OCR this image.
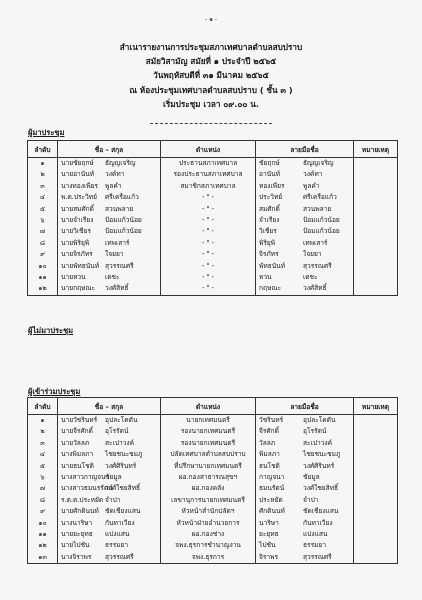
- ๑ -
สำเนารายงานการประชุมสภาเทศบาลตำบลสบปราบ
สมัยวิสามัญ สมัยที่ ๑ ประจำปี ๒๕๖๕
วันพฤหัสบดีที่ ๓๑ มีนาคม ๒๕๖๕
ณ ห้องประชุมเทศบาลตำบลสบปราบ ( ชั้น ๓ )
เริ่มประชุม เวลา ๐๙.๐๐ น.
ผู้มาประชุม
ลำดับ	ชื่อ – สกุล	ตำแหน่ง	ลายมือชื่อ	หมายเหตุ
๑	นายชัยฤกษ์ ธัญญเจริญ	ประธานสภาเทศบาล	ชัยฤกษ์ ธัญญเจริญ	
๒	นายอานันท์ วงค์ทา	รองประธานสภาเทศบาล	อานันท์ วงค์ทา	
๓	นางทองเพียร พูลคำ	สมาชิกสภาเทศบาล	ทองเพียร พูลคำ	
๔	พ.ต.ประวิทย์ ศรีเครือแก้ว	- " -	ประวิทย์ ศรีเครือแก้ว	
๕	นายสมศักดิ์ สวนพลาย	- " -	สมศักดิ์ สวนพลาย	
๖	นายจำเรียง ป้อมแก้วน้อย	- " -	จำเรียง ป้อมแก้วน้อย	
๗	นายวิเชียร ป้อมแก้วน้อย	- " -	วิเชียร ป้อมแก้วน้อย	
๘	นายพิริยุพิ เทพเสาร์	- " -	พิริยุพิ เทพเสาร์	
๙	นายจิรภัทร ใจยยา	- " -	จิรภัทร ใจยยา	
๑๐	นายพัทธนันท์ สุวรรณศรี	- " -	พัทธนันท์ สุวรรณศรี	
๑๑	นายหวน เตชะ	- " -	หวน เตชะ	
๑๒	นายกฤษณะ วงศ์สิทธิ์	- " -	กฤษณะ วงศ์สิทธิ์	
ผู้ไม่มาประชุม
ผู้เข้าร่วมประชุม
ลำดับ	ชื่อ – สกุล	ตำแหน่ง	ลายมือชื่อ	หมายเหตุ
๑	นายวัชรินทร์ อุปละโคตัน	นายกเทศมนตรี	วัชรินทร์ อุปละโคตัน	
๒	นายจีรศักดิ์ อุโรรัตน์	รองนายกเทศมนตรี	จีรศักดิ์ อุโรรัตน์	
๓	นายวัลลภ สะเปาวงค์	รองนายกเทศมนตรี	วัลลภ สะเปาวงค์	
๔	นางพิมลภา ไชยชนะชมภู	ปลัดเทศบาลตำบลสบปราบ	พิมลภา ไชยชนะชมภู	
๕	นายธนโชติ วงศ์ศิรินทร์	ที่ปรึกษานายกเทศมนตรี	ธนโชติ วงศ์ศิรินทร์	
๖	นางสาวกาญจนาชัยมูล	ผอ.กองสาธารณสุขฯ	กาญจนา ชัยมูล	
๗	นางสาวธมนรรัตน์วงศ์ใชยสิทธิ์	ผอ.กองคลัง	ธมนรัตน์ วงศ์ใชยสิทธิ์	
๘	ร.ต.ต.ประหยัด จำปา	เลขานุการนายกเทศมนตรี	ประหยัด จำปา	
๙	นายศักดินนท์ ชัดเชียงแสน	หัวหน้าสำนักปลัดฯ	ศักดินนท์ ชัดเชียงแสน	
๑๐	นางนาริษา กันทาเวียง	หัวหน้าฝ่ายอำนวยการ	นาริษา กันทาเวียง	
๑๑	นายยะยุทธ แปงแสน	ผอ.กองช่าง	ยะยุทธ แปงแสน	
๑๒	นายไปชัน ธรรมยา	จพง.ธุรการชำนาญงาน	ไปชัน ธรรมยา	
๑๓	นางจิราพร สุวรรณศรี	จพง.ธุรการ	จิราพร สุวรรณศรี	
